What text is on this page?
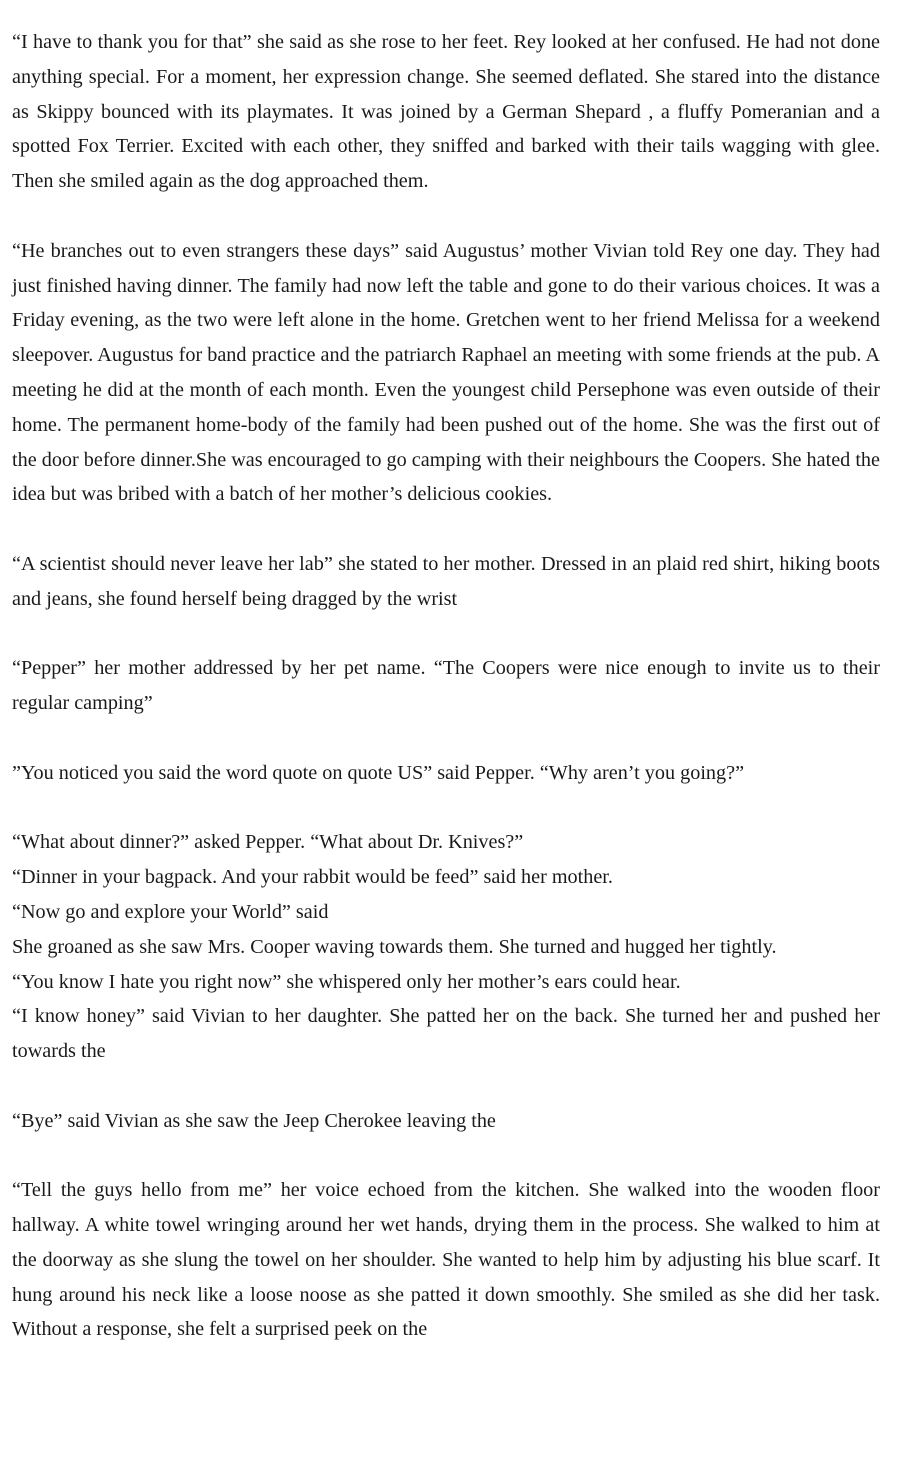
“I have to thank you for that” she said as she rose to her feet. Rey looked at her confused. He had not done anything special. For a moment, her expression change. She seemed deflated. She stared into the distance as Skippy bounced with its playmates. It was joined by a German Shepard , a fluffy Pomeranian and a spotted Fox Terrier. Excited with each other, they sniffed and barked with their tails wagging with glee. Then she smiled again as the dog approached them.

“He branches out to even strangers these days” said Augustus’ mother Vivian told Rey one day. They had just finished having dinner. The family had now left the table and gone to do their various choices. It was a Friday evening, as the two were left alone in the home. Gretchen went to her friend Melissa for a weekend sleepover. Augustus for band practice and the patriarch Raphael an meeting with some friends at the pub. A meeting he did at the month of each month. Even the youngest child Persephone was even outside of their home. The permanent home-body of the family had been pushed out of the home. She was the first out of the door before dinner.She was encouraged to go camping with their neighbours the Coopers. She hated the idea but was bribed with a batch of her mother’s delicious cookies.

“A scientist should never leave her lab” she stated to her mother. Dressed in an plaid red shirt, hiking boots and jeans, she found herself being dragged by the wrist

“Pepper” her mother addressed by her pet name. “The Coopers were nice enough to invite us to their regular camping”

”You noticed you said the word quote on quote US” said Pepper. “Why aren’t you going?”

“What about dinner?” asked Pepper. “What about Dr. Knives?”
“Dinner in your bagpack. And your rabbit would be feed” said her mother.
“Now go and explore your World” said
She groaned as she saw Mrs. Cooper waving towards them. She turned and hugged her tightly.
“You know I hate you right now” she whispered only her mother’s ears could hear.
“I know honey” said Vivian to her daughter. She patted her on the back. She turned her and pushed her towards the

“Bye” said Vivian as she saw the Jeep Cherokee leaving the

“Tell the guys hello from me” her voice echoed from the kitchen. She walked into the wooden floor hallway. A white towel wringing around her wet hands, drying them in the process. She walked to him at the doorway as she slung the towel on her shoulder. She wanted to help him by adjusting his blue scarf. It hung around his neck like a loose noose as she patted it down smoothly. She smiled as she did her task. Without a response, she felt a surprised peek on the
